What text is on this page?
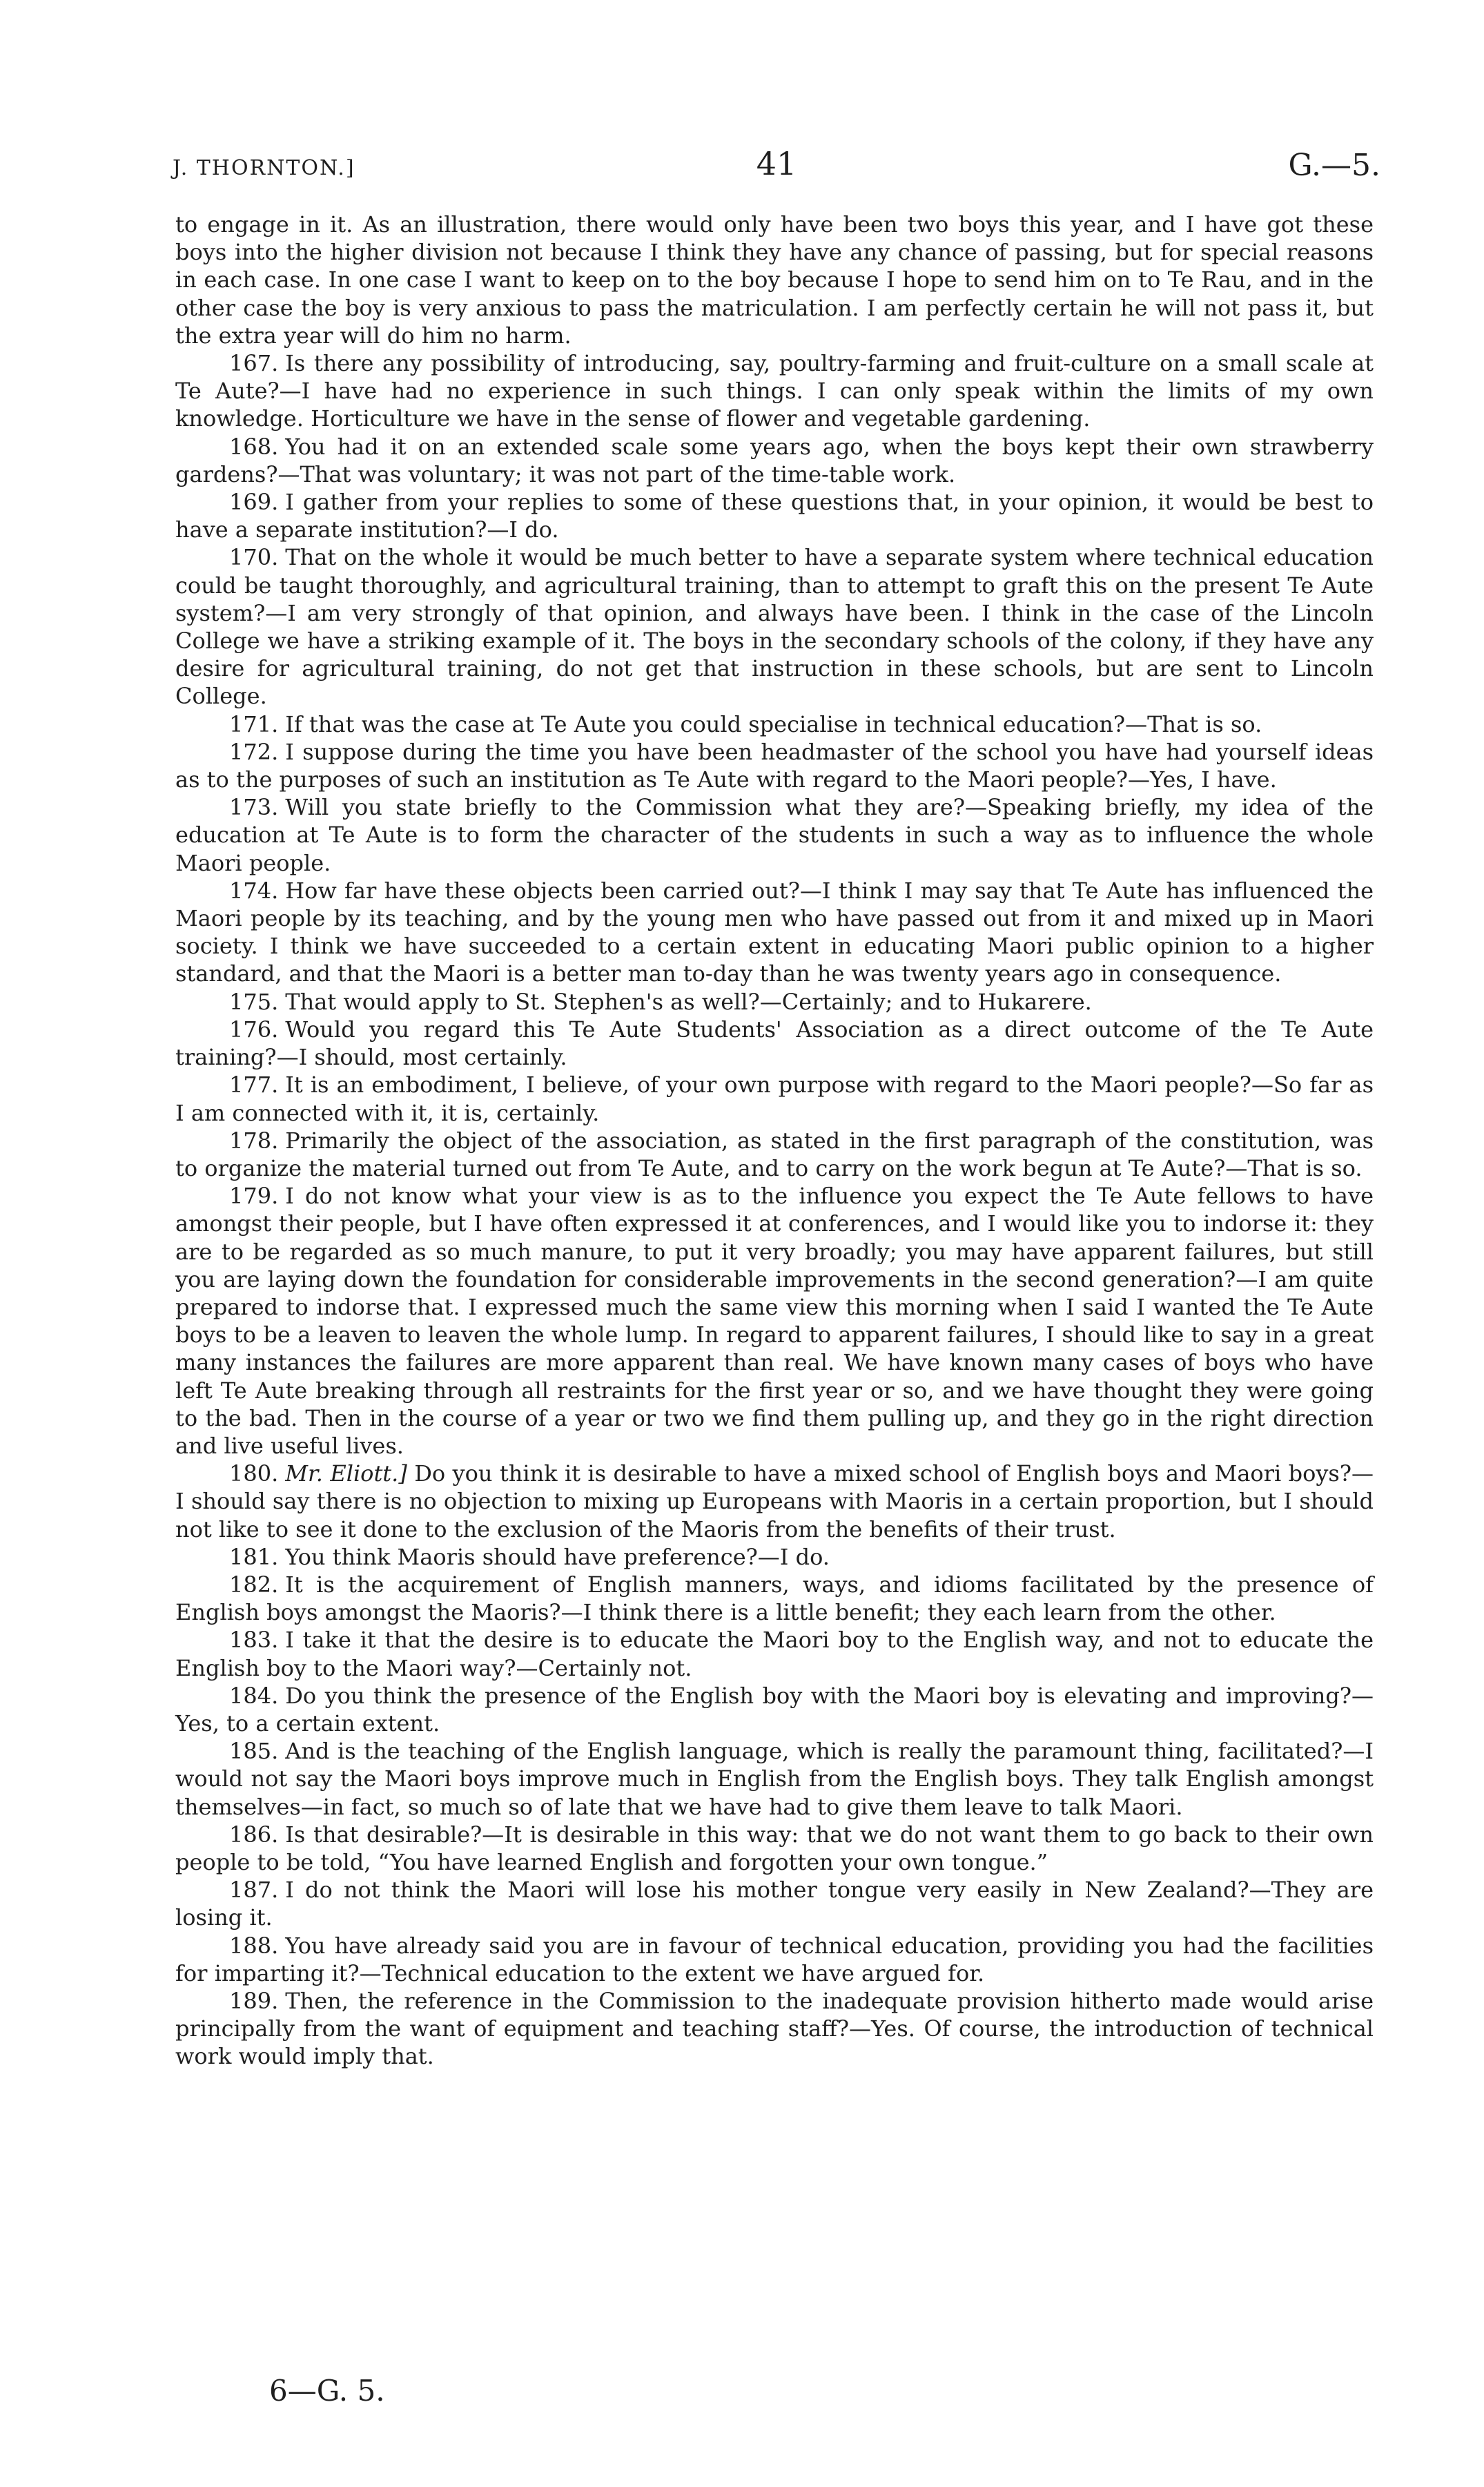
J. THORNTON.]	41	G.—5.

to engage in it. As an illustration, there would only have been two boys this year, and I have got these boys into the higher division not because I think they have any chance of passing, but for special reasons in each case. In one case I want to keep on to the boy because I hope to send him on to Te Rau, and in the other case the boy is very anxious to pass the matriculation. I am perfectly certain he will not pass it, but the extra year will do him no harm.

167. Is there any possibility of introducing, say, poultry-farming and fruit-culture on a small scale at Te Aute?—I have had no experience in such things. I can only speak within the limits of my own knowledge. Horticulture we have in the sense of flower and vegetable gardening.

168. You had it on an extended scale some years ago, when the boys kept their own strawberry gardens?—That was voluntary; it was not part of the time-table work.

169. I gather from your replies to some of these questions that, in your opinion, it would be best to have a separate institution?—I do.

170. That on the whole it would be much better to have a separate system where technical education could be taught thoroughly, and agricultural training, than to attempt to graft this on the present Te Aute system?—I am very strongly of that opinion, and always have been. I think in the case of the Lincoln College we have a striking example of it. The boys in the secondary schools of the colony, if they have any desire for agricultural training, do not get that instruction in these schools, but are sent to Lincoln College.

171. If that was the case at Te Aute you could specialise in technical education?—That is so.

172. I suppose during the time you have been headmaster of the school you have had yourself ideas as to the purposes of such an institution as Te Aute with regard to the Maori people?—Yes, I have.

173. Will you state briefly to the Commission what they are?—Speaking briefly, my idea of the education at Te Aute is to form the character of the students in such a way as to influence the whole Maori people.

174. How far have these objects been carried out?—I think I may say that Te Aute has influenced the Maori people by its teaching, and by the young men who have passed out from it and mixed up in Maori society. I think we have succeeded to a certain extent in educating Maori public opinion to a higher standard, and that the Maori is a better man to-day than he was twenty years ago in consequence.

175. That would apply to St. Stephen's as well?—Certainly; and to Hukarere.

176. Would you regard this Te Aute Students' Association as a direct outcome of the Te Aute training?—I should, most certainly.

177. It is an embodiment, I believe, of your own purpose with regard to the Maori people?—So far as I am connected with it, it is, certainly.

178. Primarily the object of the association, as stated in the first paragraph of the constitution, was to organize the material turned out from Te Aute, and to carry on the work begun at Te Aute?—That is so.

179. I do not know what your view is as to the influence you expect the Te Aute fellows to have amongst their people, but I have often expressed it at conferences, and I would like you to indorse it: they are to be regarded as so much manure, to put it very broadly; you may have apparent failures, but still you are laying down the foundation for considerable improvements in the second generation?—I am quite prepared to indorse that. I expressed much the same view this morning when I said I wanted the Te Aute boys to be a leaven to leaven the whole lump. In regard to apparent failures, I should like to say in a great many instances the failures are more apparent than real. We have known many cases of boys who have left Te Aute breaking through all restraints for the first year or so, and we have thought they were going to the bad. Then in the course of a year or two we find them pulling up, and they go in the right direction and live useful lives.

180. Mr. Eliott.] Do you think it is desirable to have a mixed school of English boys and Maori boys?—I should say there is no objection to mixing up Europeans with Maoris in a certain proportion, but I should not like to see it done to the exclusion of the Maoris from the benefits of their trust.

181. You think Maoris should have preference?—I do.

182. It is the acquirement of English manners, ways, and idioms facilitated by the presence of English boys amongst the Maoris?—I think there is a little benefit; they each learn from the other.

183. I take it that the desire is to educate the Maori boy to the English way, and not to educate the English boy to the Maori way?—Certainly not.

184. Do you think the presence of the English boy with the Maori boy is elevating and improving?—Yes, to a certain extent.

185. And is the teaching of the English language, which is really the paramount thing, facilitated?—I would not say the Maori boys improve much in English from the English boys. They talk English amongst themselves—in fact, so much so of late that we have had to give them leave to talk Maori.

186. Is that desirable?—It is desirable in this way: that we do not want them to go back to their own people to be told, “You have learned English and forgotten your own tongue.”

187. I do not think the Maori will lose his mother tongue very easily in New Zealand?—They are losing it.

188. You have already said you are in favour of technical education, providing you had the facilities for imparting it?—Technical education to the extent we have argued for.

189. Then, the reference in the Commission to the inadequate provision hitherto made would arise principally from the want of equipment and teaching staff?—Yes. Of course, the introduction of technical work would imply that.

6—G. 5.
